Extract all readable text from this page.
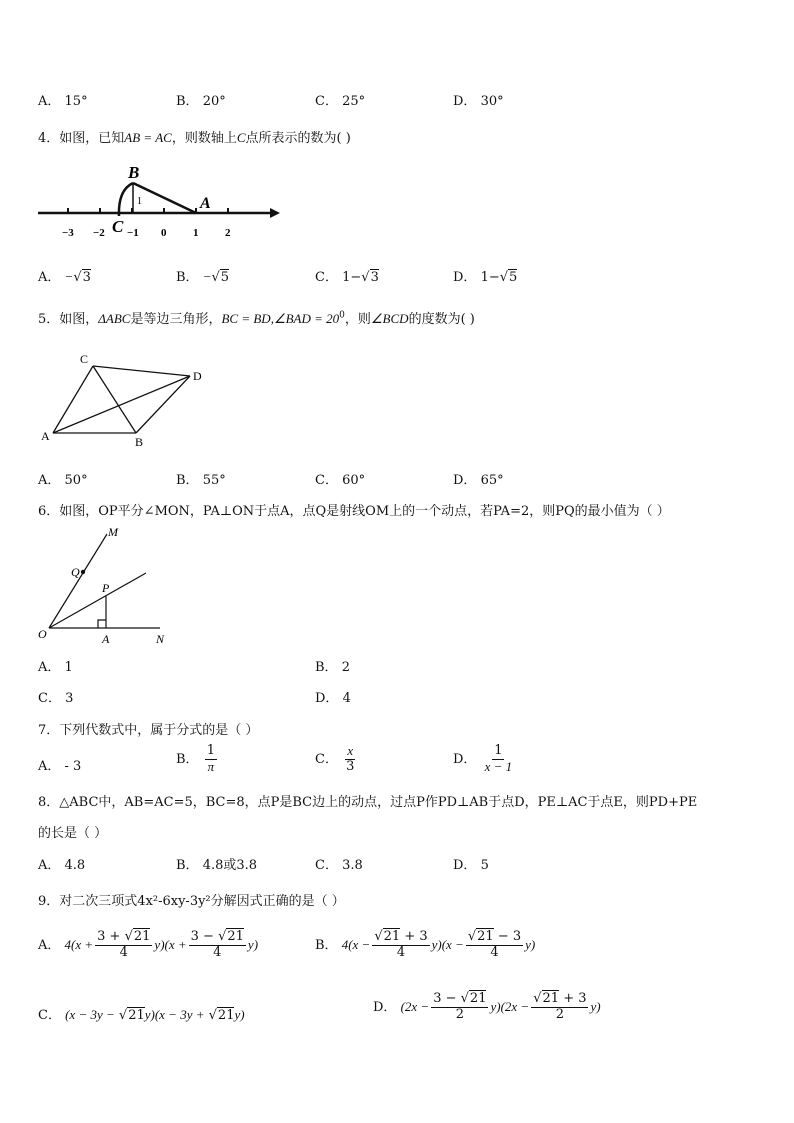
A． 15°	B． 20°	C． 25°	D． 30°
4．如图，已知AB = AC，则数轴上C点所表示的数为( )
B
A
C
1
−3 −2 −1 0 1 2
A． −√3	B． −√5	C． 1−√3	D． 1−√5
5．如图，ΔABC是等边三角形，BC = BD,∠BAD = $20^0$，则∠BCD的度数为( )
C
D
A	B
A． 50°	B． 55°	C． 60°	D． 65°
6．如图，OP平分∠MON，PA⊥ON于点A，点Q是射线OM上的一个动点，若PA=2，则PQ的最小值为（ ）
M
Q
P
O	A	N
A． 1	B． 2
C． 3	D． 4
7．下列代数式中，属于分式的是（ ）
A． - 3	B． $\frac{1}{\pi}$	C． $\frac{x}{3}$	D． $\frac{1}{x - 1}$
8．△ABC中，AB=AC=5，BC=8，点P是BC边上的动点，过点P作PD⊥AB于点D，PE⊥AC于点E，则PD+PE
的长是（ ）
A． 4.8	B． 4.8或3.8	C． 3.8	D． 5
9．对二次三项式4x²-6xy-3y²分解因式正确的是（ ）
A． $4(x + \frac{3 + √21}{4} y)(x + \frac{3 - √21}{4} y)$	B． $4(x - \frac{√21 + 3}{4} y)(x - \frac{√21 - 3}{4} y)$
C． (x − 3y − √21y)(x − 3y + √21y)	D． $(2x - \frac{3 - √21}{2} y)(2x - \frac{√21 + 3}{2} y)$
